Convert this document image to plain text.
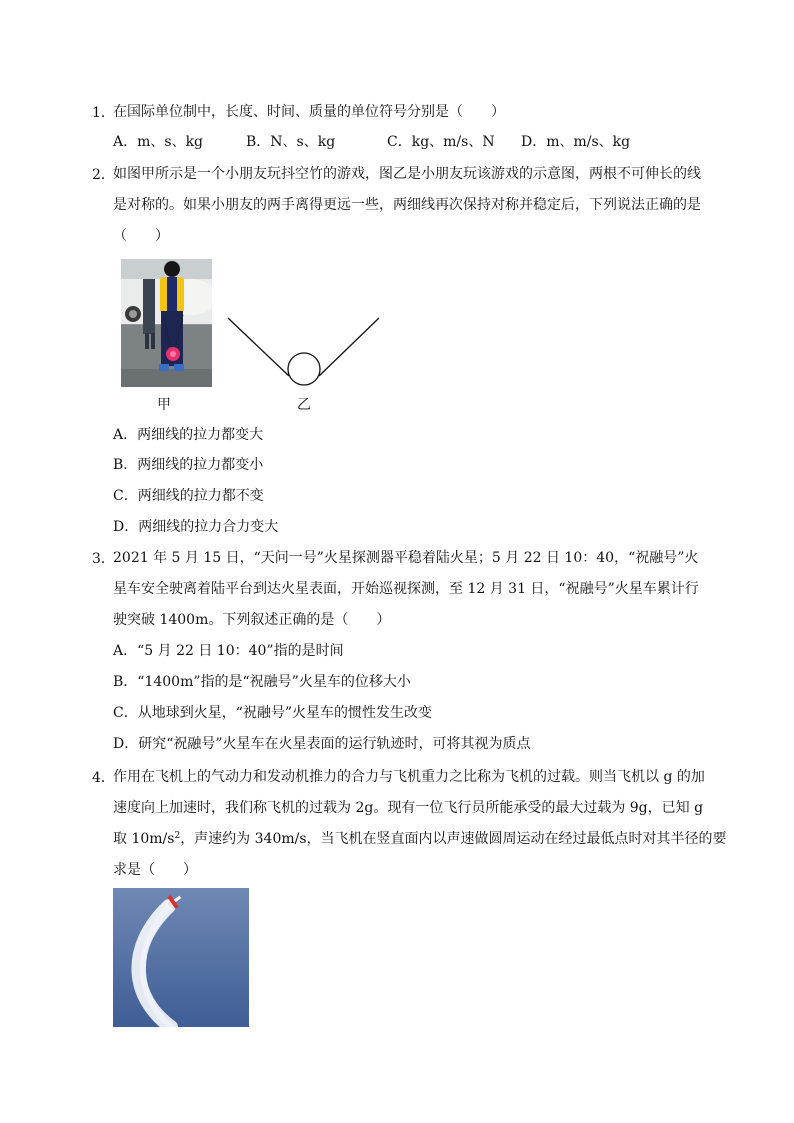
1．
在国际单位制中，长度、时间、质量的单位符号分别是（　　）
A．m、s、kg	B．N、s、kg	C．kg、m/s、N D．m、m/s、kg
2．
如图甲所示是一个小朋友玩抖空竹的游戏，图乙是小朋友玩该游戏的示意图，两根不可伸长的线
是对称的。如果小朋友的两手离得更远一些，两细线再次保持对称并稳定后，下列说法正确的是
（　　）
甲	乙
A．两细线的拉力都变大
B．两细线的拉力都变小
C．两细线的拉力都不变
D．两细线的拉力合力变大
3．
2021 年 5 月 15 日，“天问一号”火星探测器平稳着陆火星；5 月 22 日 10：40，“祝融号”火
星车安全驶离着陆平台到达火星表面，开始巡视探测，至 12 月 31 日，“祝融号”火星车累计行
驶突破 1400m。下列叙述正确的是（　　）
A．“5 月 22 日 10：40”指的是时间
B．“1400m”指的是“祝融号”火星车的位移大小
C．从地球到火星，“祝融号”火星车的惯性发生改变
D．研究“祝融号”火星车在火星表面的运行轨迹时，可将其视为质点
4．
作用在飞机上的气动力和发动机推力的合力与飞机重力之比称为飞机的过载。则当飞机以 g 的加
速度向上加速时，我们称飞机的过载为 2g。现有一位飞行员所能承受的最大过载为 9g，已知 g
取 $10m/s^2$，声速约为 340m/s，当飞机在竖直面内以声速做圆周运动在经过最低点时对其半径的要
求是（　　）
